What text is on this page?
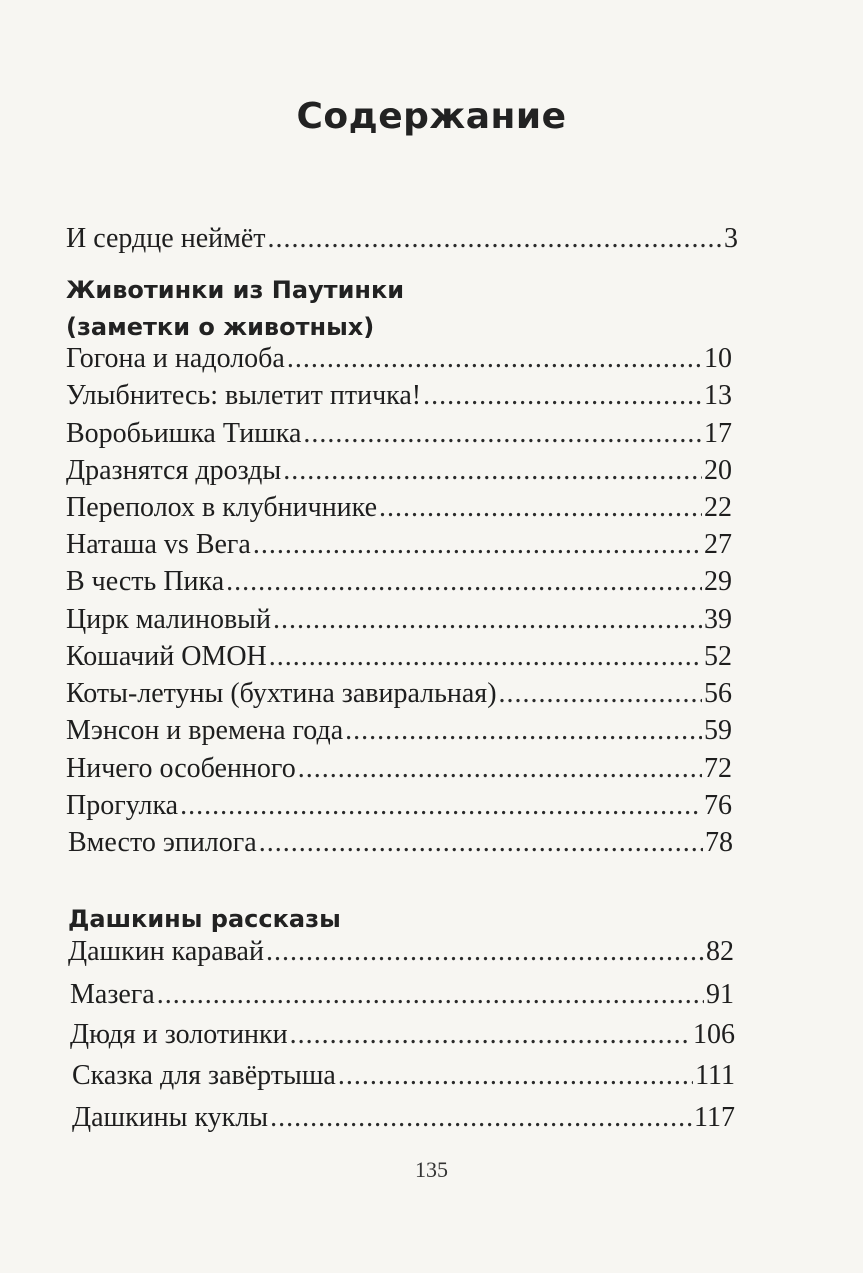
Содержание
И сердце неймёт .....	3
Животинки из Паутинки
(заметки о животных)
Гогона и надолоба .....	10
Улыбнитесь: вылетит птичка! .....	13
Воробьишка Тишка .....	17
Дразнятся дрозды .....	20
Переполох в клубничнике .....	22
Наташа vs Вега .....	27
В честь Пика .....	29
Цирк малиновый .....	39
Кошачий ОМОН .....	52
Коты-летуны (бухтина завиральная) .....	56
Мэнсон и времена года .....	59
Ничего особенного .....	72
Прогулка .....	76
Вместо эпилога .....	78
Дашкины рассказы
Дашкин каравай .....	82
Мазега .....	91
Дюдя и золотинки .....	106
Сказка для завёртыша .....	111
Дашкины куклы .....	117
135
